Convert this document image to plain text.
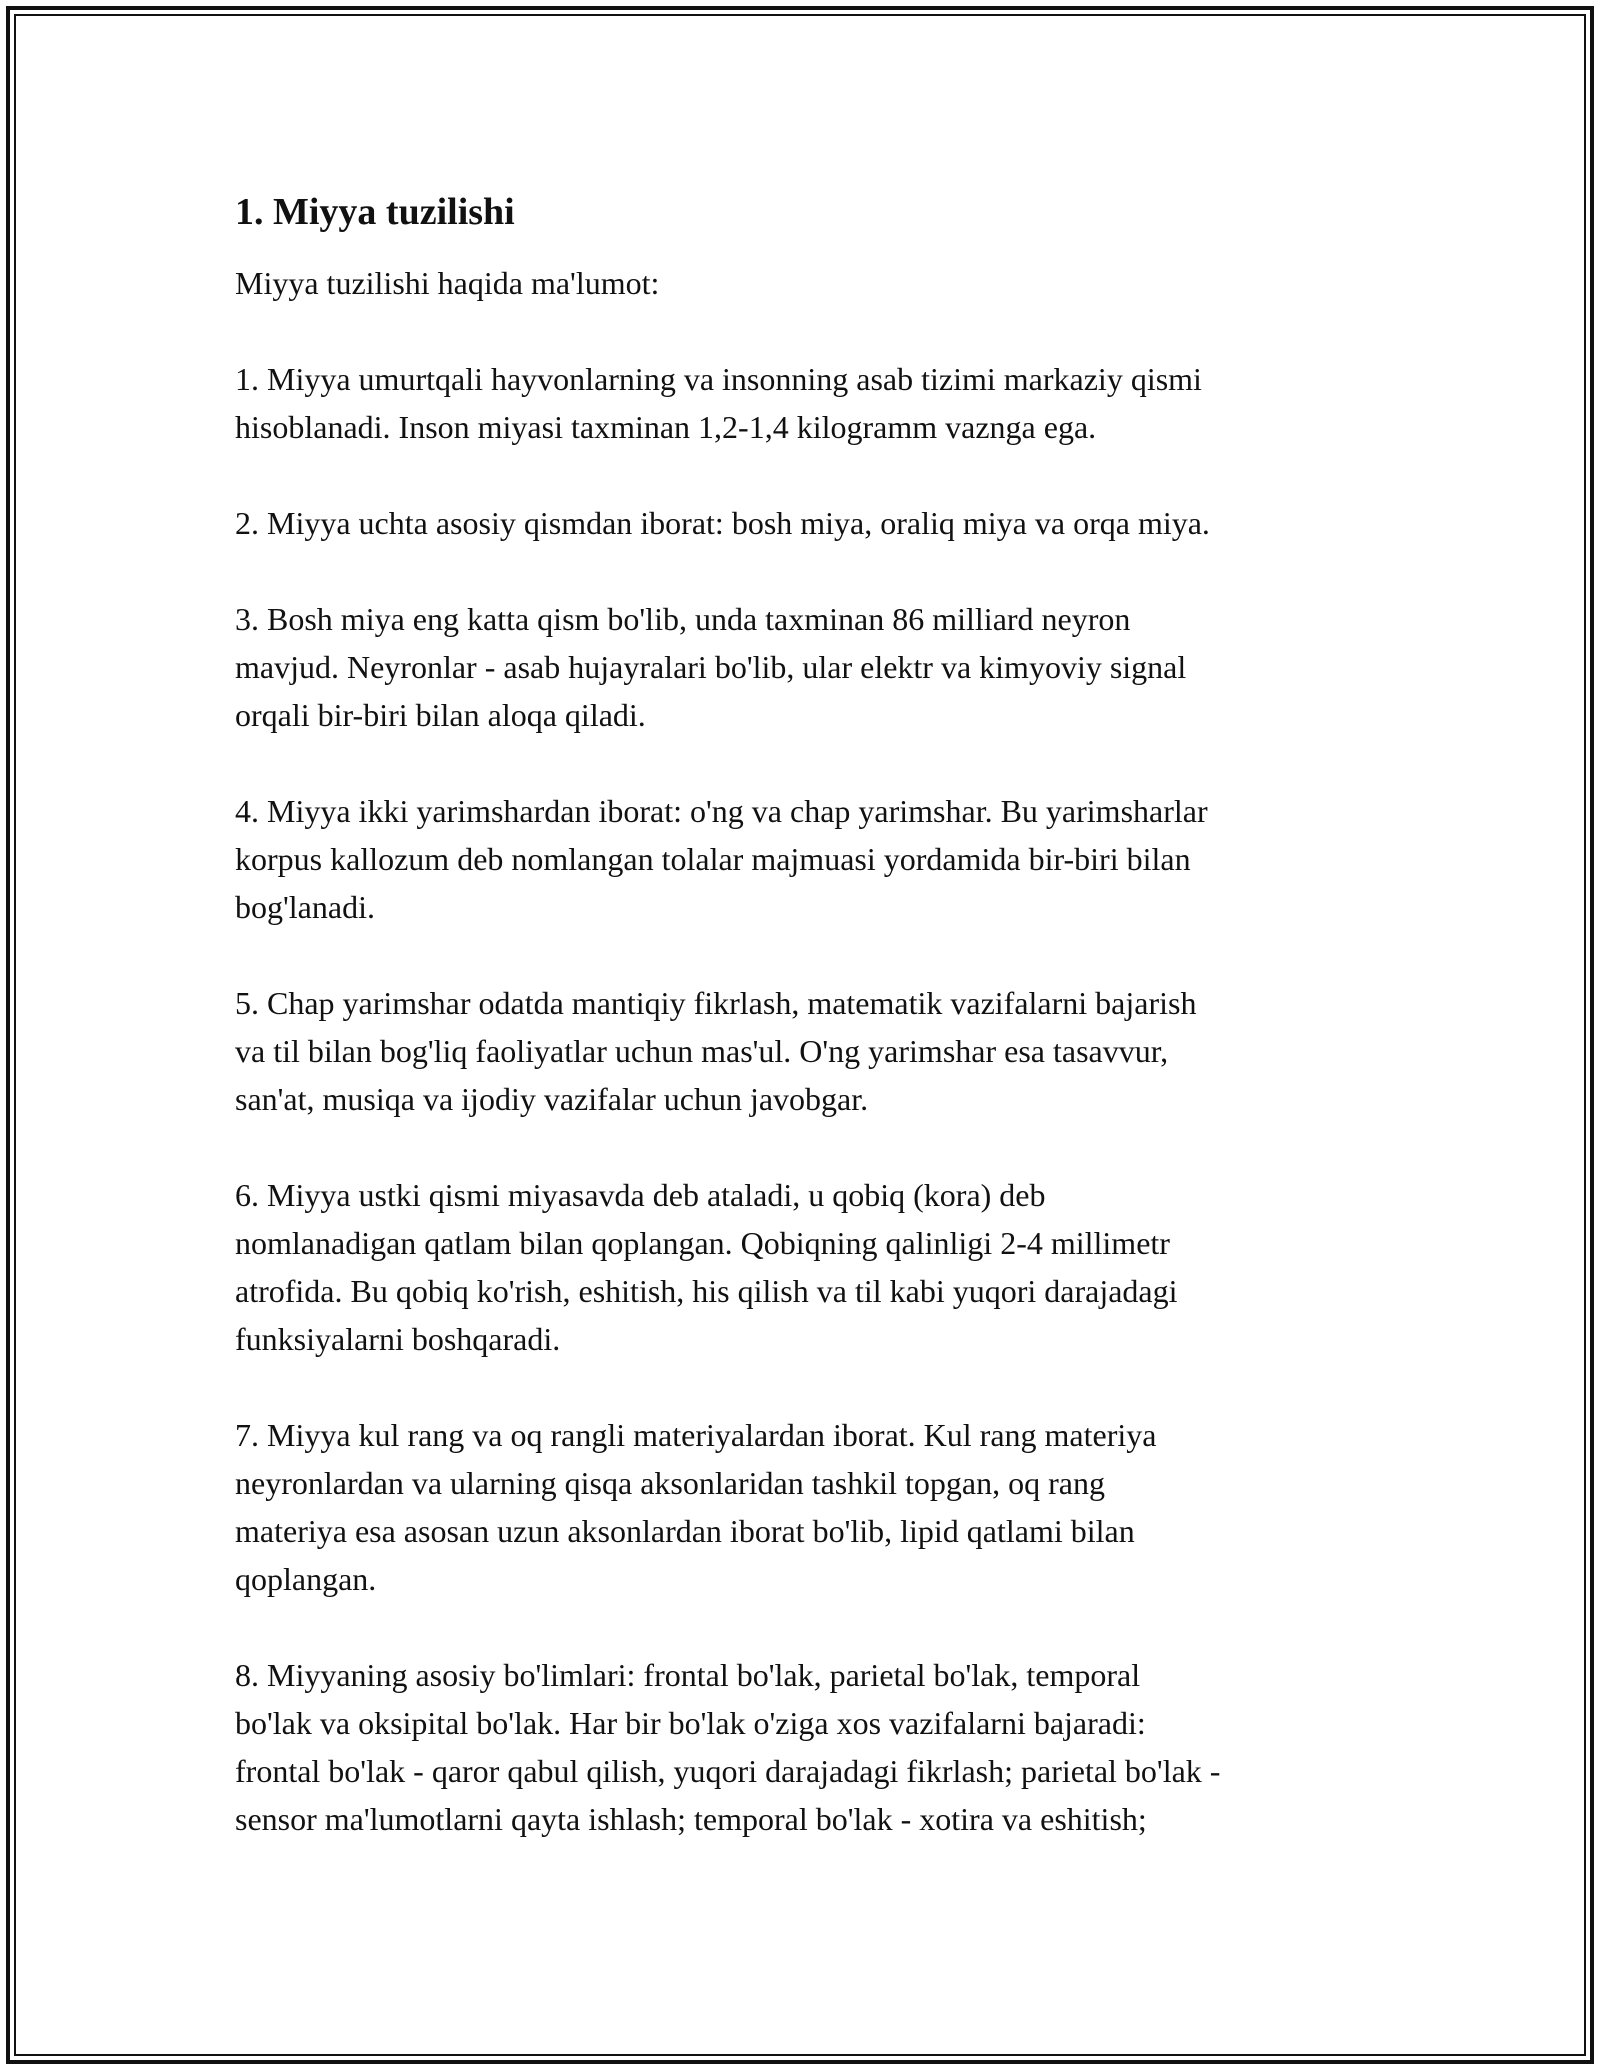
1. Miyya tuzilishi
Miyya tuzilishi haqida ma'lumot:
1. Miyya umurtqali hayvonlarning va insonning asab tizimi markaziy qismi
hisoblanadi. Inson miyasi taxminan 1,2-1,4 kilogramm vaznga ega.
2. Miyya uchta asosiy qismdan iborat: bosh miya, oraliq miya va orqa miya.
3. Bosh miya eng katta qism bo'lib, unda taxminan 86 milliard neyron
mavjud. Neyronlar - asab hujayralari bo'lib, ular elektr va kimyoviy signal
orqali bir-biri bilan aloqa qiladi.
4. Miyya ikki yarimshardan iborat: o'ng va chap yarimshar. Bu yarimsharlar
korpus kallozum deb nomlangan tolalar majmuasi yordamida bir-biri bilan
bog'lanadi.
5. Chap yarimshar odatda mantiqiy fikrlash, matematik vazifalarni bajarish
va til bilan bog'liq faoliyatlar uchun mas'ul. O'ng yarimshar esa tasavvur,
san'at, musiqa va ijodiy vazifalar uchun javobgar.
6. Miyya ustki qismi miyasavda deb ataladi, u qobiq (kora) deb
nomlanadigan qatlam bilan qoplangan. Qobiqning qalinligi 2-4 millimetr
atrofida. Bu qobiq ko'rish, eshitish, his qilish va til kabi yuqori darajadagi
funksiyalarni boshqaradi.
7. Miyya kul rang va oq rangli materiyalardan iborat. Kul rang materiya
neyronlardan va ularning qisqa aksonlaridan tashkil topgan, oq rang
materiya esa asosan uzun aksonlardan iborat bo'lib, lipid qatlami bilan
qoplangan.
8. Miyyaning asosiy bo'limlari: frontal bo'lak, parietal bo'lak, temporal
bo'lak va oksipital bo'lak. Har bir bo'lak o'ziga xos vazifalarni bajaradi:
frontal bo'lak - qaror qabul qilish, yuqori darajadagi fikrlash; parietal bo'lak -
sensor ma'lumotlarni qayta ishlash; temporal bo'lak - xotira va eshitish;
